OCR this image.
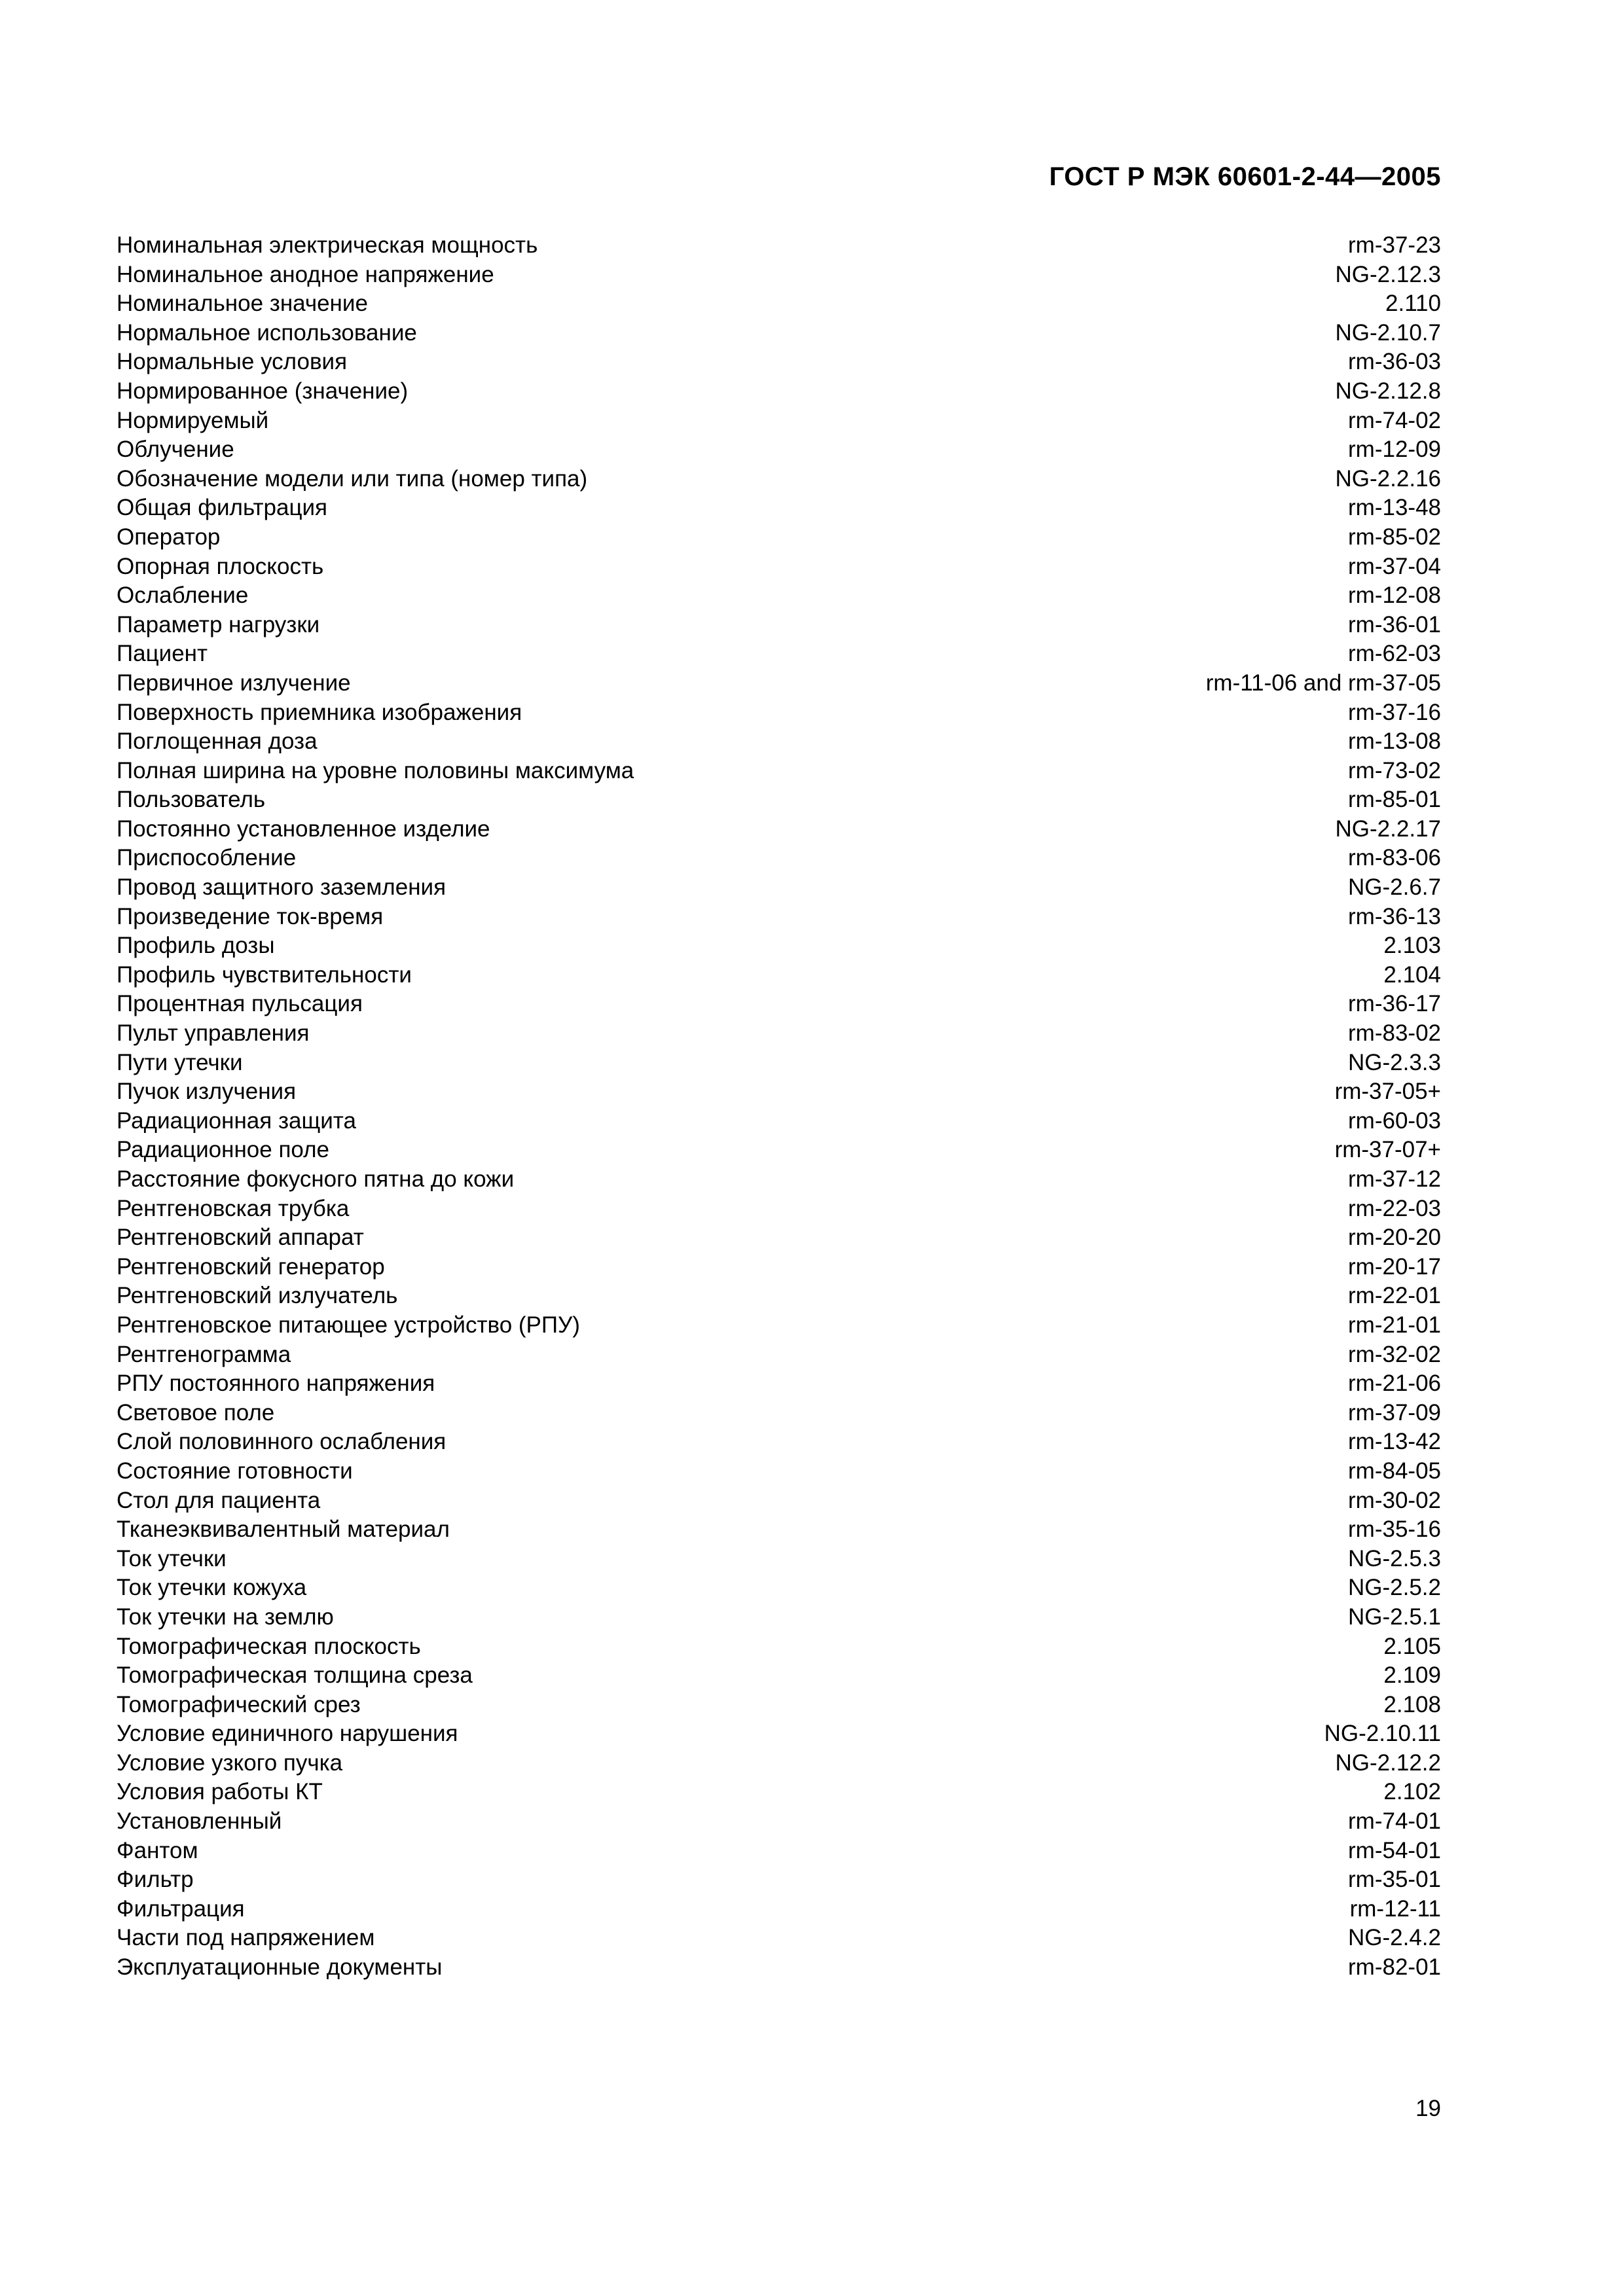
ГОСТ Р МЭК 60601-2-44—2005
Номинальная электрическая мощность	rm-37-23
Номинальное анодное напряжение	NG-2.12.3
Номинальное значение	2.110
Нормальное использование	NG-2.10.7
Нормальные условия	rm-36-03
Нормированное (значение)	NG-2.12.8
Нормируемый	rm-74-02
Облучение	rm-12-09
Обозначение модели или типа (номер типа)	NG-2.2.16
Общая фильтрация	rm-13-48
Оператор	rm-85-02
Опорная плоскость	rm-37-04
Ослабление	rm-12-08
Параметр нагрузки	rm-36-01
Пациент	rm-62-03
Первичное излучение	rm-11-06 and rm-37-05
Поверхность приемника изображения	rm-37-16
Поглощенная доза	rm-13-08
Полная ширина на уровне половины максимума	rm-73-02
Пользователь	rm-85-01
Постоянно установленное изделие	NG-2.2.17
Приспособление	rm-83-06
Провод защитного заземления	NG-2.6.7
Произведение ток-время	rm-36-13
Профиль дозы	2.103
Профиль чувствительности	2.104
Процентная пульсация	rm-36-17
Пульт управления	rm-83-02
Пути утечки	NG-2.3.3
Пучок излучения	rm-37-05+
Радиационная защита	rm-60-03
Радиационное поле	rm-37-07+
Расстояние фокусного пятна до кожи	rm-37-12
Рентгеновская трубка	rm-22-03
Рентгеновский аппарат	rm-20-20
Рентгеновский генератор	rm-20-17
Рентгеновский излучатель	rm-22-01
Рентгеновское питающее устройство (РПУ)	rm-21-01
Рентгенограмма	rm-32-02
РПУ постоянного напряжения	rm-21-06
Световое поле	rm-37-09
Слой половинного ослабления	rm-13-42
Состояние готовности	rm-84-05
Стол для пациента	rm-30-02
Тканеэквивалентный материал	rm-35-16
Ток утечки	NG-2.5.3
Ток утечки кожуха	NG-2.5.2
Ток утечки на землю	NG-2.5.1
Томографическая плоскость	2.105
Томографическая толщина среза	2.109
Томографический срез	2.108
Условие единичного нарушения	NG-2.10.11
Условие узкого пучка	NG-2.12.2
Условия работы КТ	2.102
Установленный	rm-74-01
Фантом	rm-54-01
Фильтр	rm-35-01
Фильтрация	rm-12-11
Части под напряжением	NG-2.4.2
Эксплуатационные документы	rm-82-01
19
